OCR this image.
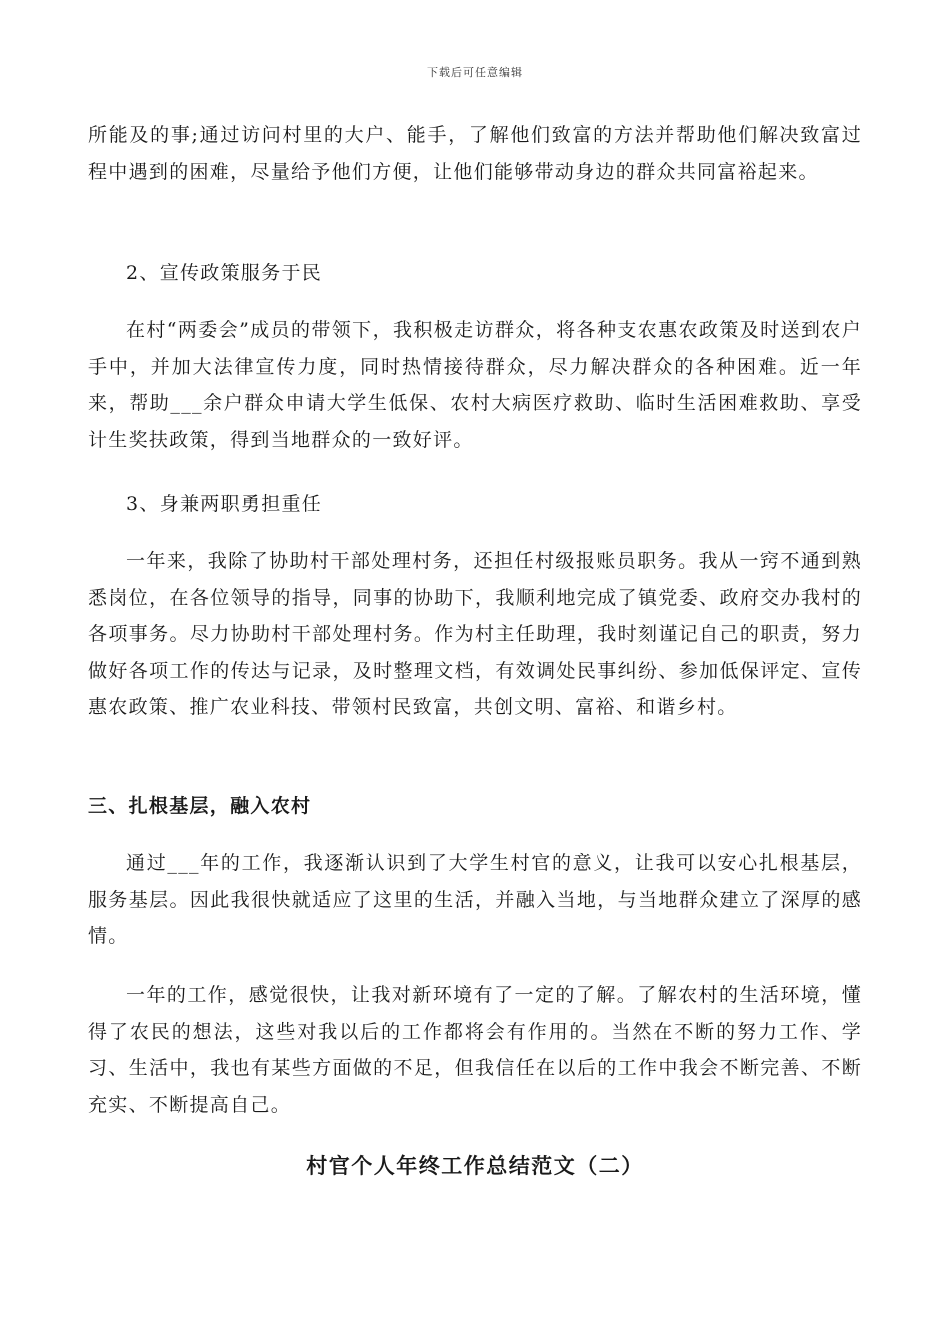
下载后可任意编辑

所能及的事;通过访问村里的大户、能手，了解他们致富的方法并帮助他们解决致富过程中遇到的困难，尽量给予他们方便，让他们能够带动身边的群众共同富裕起来。

2、宣传政策服务于民

在村“两委会”成员的带领下，我积极走访群众，将各种支农惠农政策及时送到农户手中，并加大法律宣传力度，同时热情接待群众，尽力解决群众的各种困难。近一年来，帮助___余户群众申请大学生低保、农村大病医疗救助、临时生活困难救助、享受计生奖扶政策，得到当地群众的一致好评。

3、身兼两职勇担重任

一年来，我除了协助村干部处理村务，还担任村级报账员职务。我从一窍不通到熟悉岗位，在各位领导的指导，同事的协助下，我顺利地完成了镇党委、政府交办我村的各项事务。尽力协助村干部处理村务。作为村主任助理，我时刻谨记自己的职责，努力做好各项工作的传达与记录，及时整理文档，有效调处民事纠纷、参加低保评定、宣传惠农政策、推广农业科技、带领村民致富，共创文明、富裕、和谐乡村。

三、扎根基层，融入农村

通过___年的工作，我逐渐认识到了大学生村官的意义，让我可以安心扎根基层，服务基层。因此我很快就适应了这里的生活，并融入当地，与当地群众建立了深厚的感情。

一年的工作，感觉很快，让我对新环境有了一定的了解。了解农村的生活环境，懂得了农民的想法，这些对我以后的工作都将会有作用的。当然在不断的努力工作、学习、生活中，我也有某些方面做的不足，但我信任在以后的工作中我会不断完善、不断充实、不断提高自己。

村官个人年终工作总结范文（二）
